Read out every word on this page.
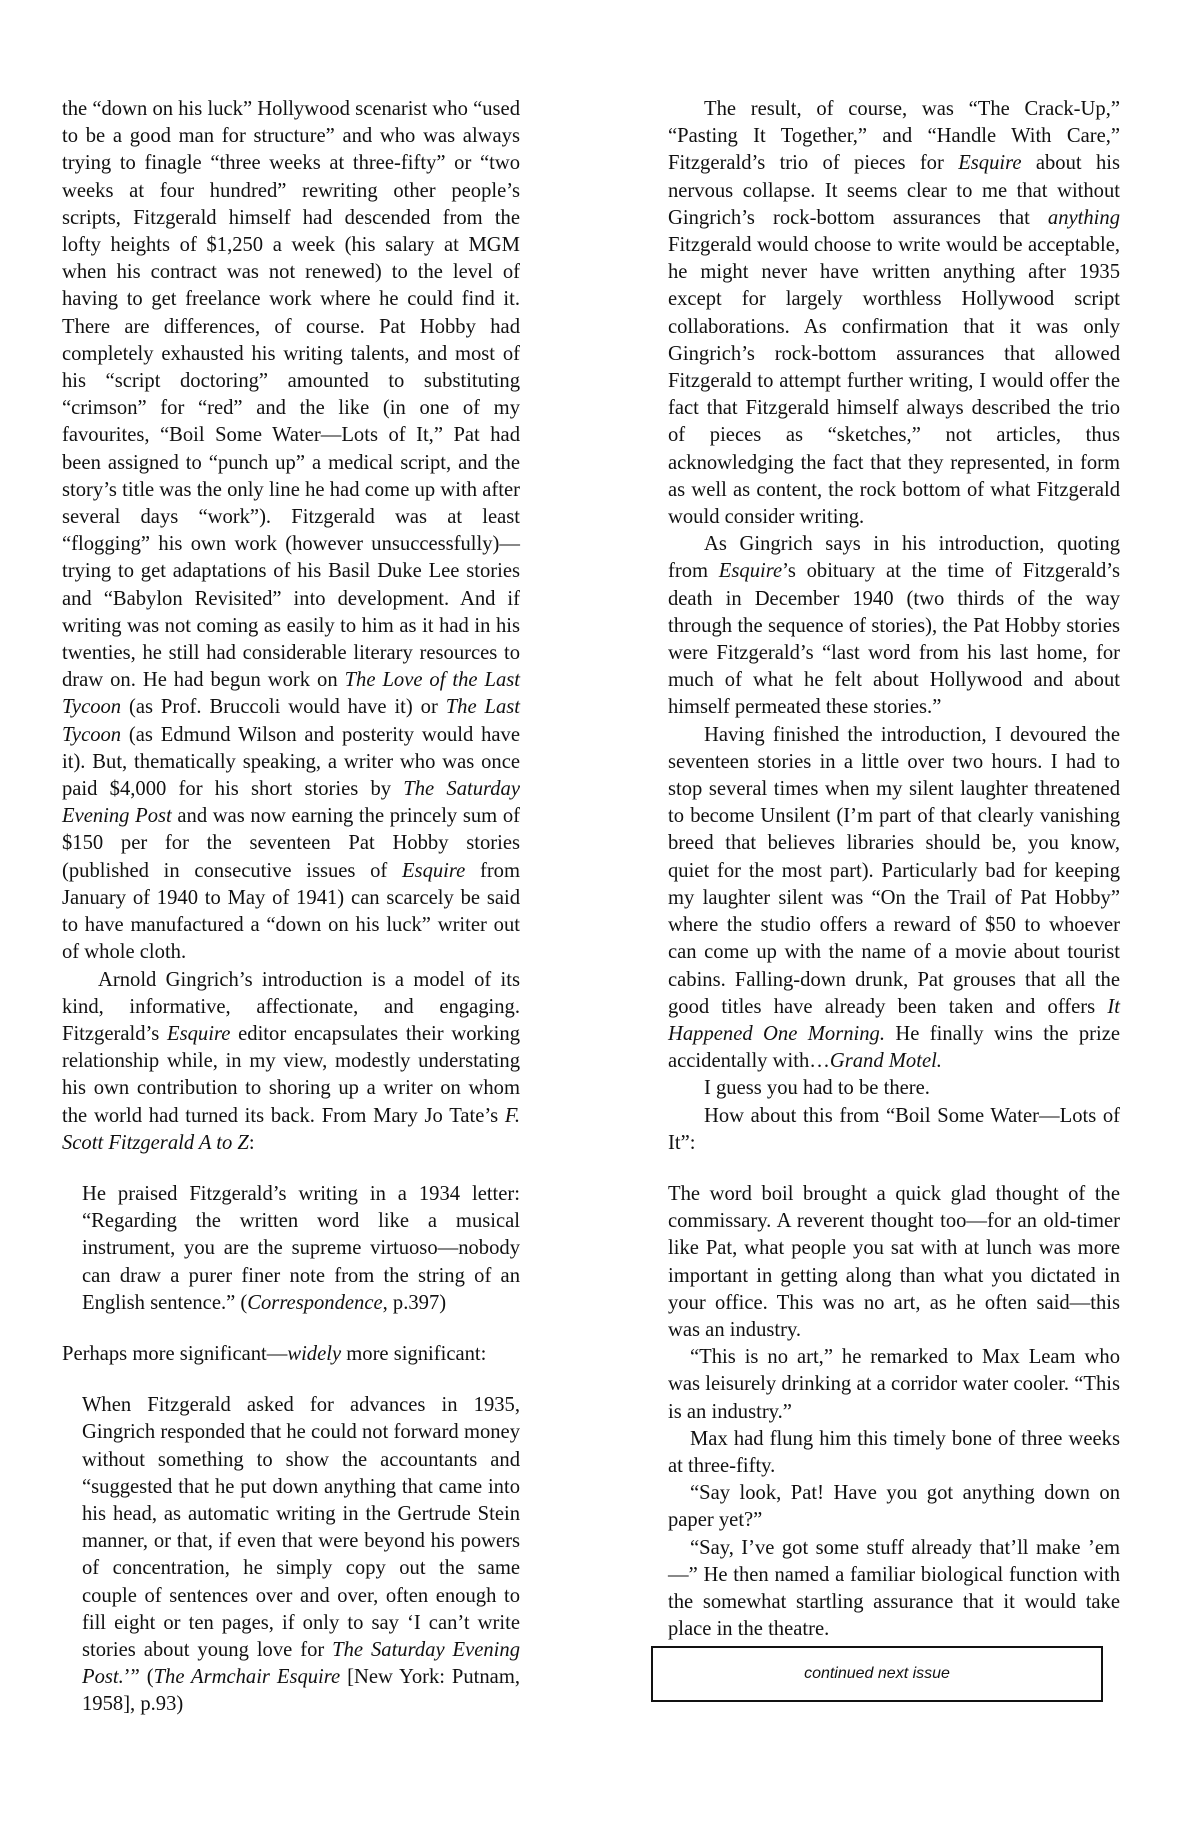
the “down on his luck” Hollywood scenarist who “used to be a good man for structure” and who was always trying to finagle “three weeks at three-fifty” or “two weeks at four hundred” rewriting other people’s scripts, Fitzgerald himself had descended from the lofty heights of $1,250 a week (his salary at MGM when his contract was not renewed) to the level of having to get freelance work where he could find it. There are differences, of course. Pat Hobby had completely exhausted his writing talents, and most of his “script doctoring” amounted to substituting “crimson” for “red” and the like (in one of my favourites, “Boil Some Water—Lots of It,” Pat had been assigned to “punch up” a medical script, and the story’s title was the only line he had come up with after several days “work”). Fitzgerald was at least “flogging” his own work (however unsuccessfully)—trying to get adaptations of his Basil Duke Lee stories and “Babylon Revisited” into development. And if writing was not coming as easily to him as it had in his twenties, he still had considerable literary resources to draw on. He had begun work on The Love of the Last Tycoon (as Prof. Bruccoli would have it) or The Last Tycoon (as Edmund Wilson and posterity would have it). But, thematically speaking, a writer who was once paid $4,000 for his short stories by The Saturday Evening Post and was now earning the princely sum of $150 per for the seventeen Pat Hobby stories (published in consecutive issues of Esquire from January of 1940 to May of 1941) can scarcely be said to have manufactured a “down on his luck” writer out of whole cloth.

Arnold Gingrich’s introduction is a model of its kind, informative, affectionate, and engaging. Fitzgerald’s Esquire editor encapsulates their working relationship while, in my view, modestly understating his own contribution to shoring up a writer on whom the world had turned its back. From Mary Jo Tate’s F. Scott Fitzgerald A to Z:

He praised Fitzgerald’s writing in a 1934 letter: “Regarding the written word like a musical instrument, you are the supreme virtuoso—nobody can draw a purer finer note from the string of an English sentence.” (Correspondence, p.397)

Perhaps more significant—widely more significant:

When Fitzgerald asked for advances in 1935, Gingrich responded that he could not forward money without something to show the accountants and “suggested that he put down anything that came into his head, as automatic writing in the Gertrude Stein manner, or that, if even that were beyond his powers of concentration, he simply copy out the same couple of sentences over and over, often enough to fill eight or ten pages, if only to say ‘I can’t write stories about young love for The Saturday Evening Post.’” (The Armchair Esquire [New York: Putnam, 1958], p.93)

The result, of course, was “The Crack-Up,” “Pasting It Together,” and “Handle With Care,” Fitzgerald’s trio of pieces for Esquire about his nervous collapse. It seems clear to me that without Gingrich’s rock-bottom assurances that anything Fitzgerald would choose to write would be acceptable, he might never have written anything after 1935 except for largely worthless Hollywood script collaborations. As confirmation that it was only Gingrich’s rock-bottom assurances that allowed Fitzgerald to attempt further writing, I would offer the fact that Fitzgerald himself always described the trio of pieces as “sketches,” not articles, thus acknowledging the fact that they represented, in form as well as content, the rock bottom of what Fitzgerald would consider writing.

As Gingrich says in his introduction, quoting from Esquire’s obituary at the time of Fitzgerald’s death in December 1940 (two thirds of the way through the sequence of stories), the Pat Hobby stories were Fitzgerald’s “last word from his last home, for much of what he felt about Hollywood and about himself permeated these stories.”

Having finished the introduction, I devoured the seventeen stories in a little over two hours. I had to stop several times when my silent laughter threatened to become Unsilent (I’m part of that clearly vanishing breed that believes libraries should be, you know, quiet for the most part). Particularly bad for keeping my laughter silent was “On the Trail of Pat Hobby” where the studio offers a reward of $50 to whoever can come up with the name of a movie about tourist cabins. Falling-down drunk, Pat grouses that all the good titles have already been taken and offers It Happened One Morning. He finally wins the prize accidentally with…Grand Motel.

I guess you had to be there.

How about this from “Boil Some Water—Lots of It”:

The word boil brought a quick glad thought of the commissary. A reverent thought too—for an old-timer like Pat, what people you sat with at lunch was more important in getting along than what you dictated in your office. This was no art, as he often said—this was an industry.

“This is no art,” he remarked to Max Leam who was leisurely drinking at a corridor water cooler. “This is an industry.”

Max had flung him this timely bone of three weeks at three-fifty.

“Say look, Pat! Have you got anything down on paper yet?”

“Say, I’ve got some stuff already that’ll make ’em—” He then named a familiar biological function with the somewhat startling assurance that it would take place in the theatre.

continued next issue
